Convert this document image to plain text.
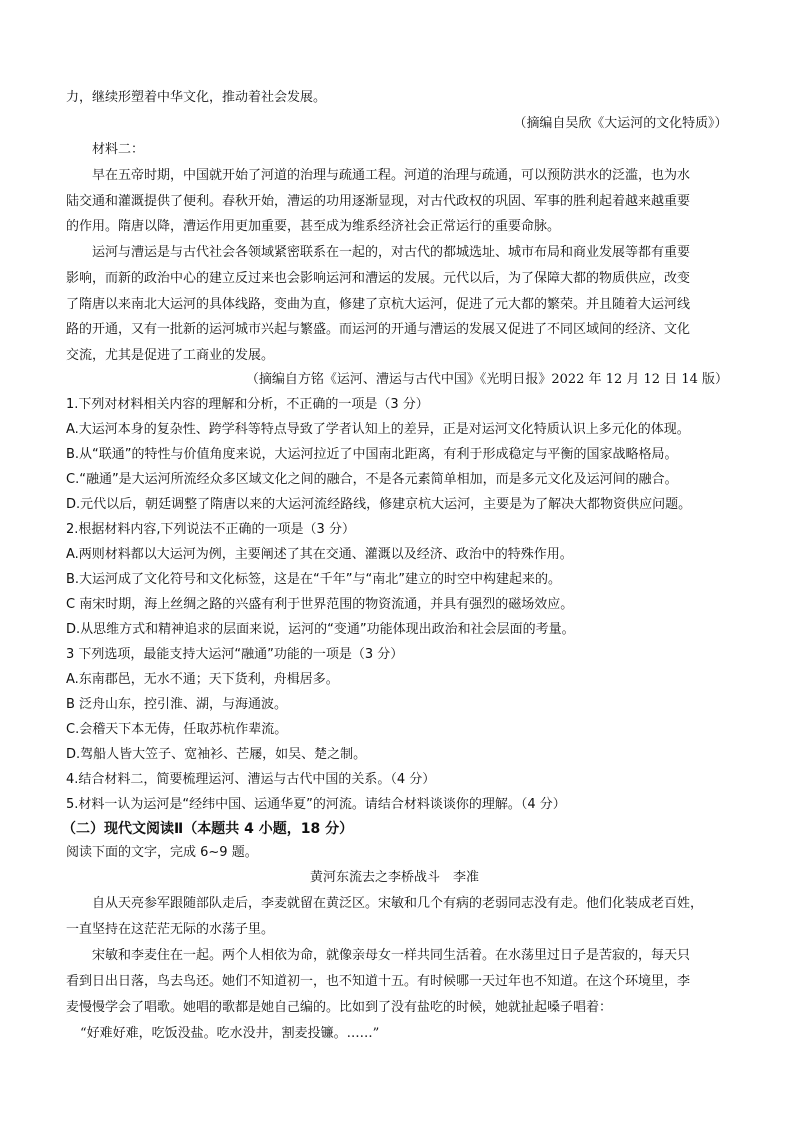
力，继续形塑着中华文化，推动着社会发展。
（摘编自吴欣《大运河的文化特质》）
材料二：
早在五帝时期，中国就开始了河道的治理与疏通工程。河道的治理与疏通，可以预防洪水的泛滥，也为水
陆交通和灌溉提供了便利。春秋开始，漕运的功用逐渐显现，对古代政权的巩固、军事的胜利起着越来越重要
的作用。隋唐以降，漕运作用更加重要，甚至成为维系经济社会正常运行的重要命脉。
运河与漕运是与古代社会各领域紧密联系在一起的，对古代的都城选址、城市布局和商业发展等都有重要
影响，而新的政治中心的建立反过来也会影响运河和漕运的发展。元代以后，为了保障大都的物质供应，改变
了隋唐以来南北大运河的具体线路，变曲为直，修建了京杭大运河，促进了元大都的繁荣。并且随着大运河线
路的开通，又有一批新的运河城市兴起与繁盛。而运河的开通与漕运的发展又促进了不同区域间的经济、文化
交流，尤其是促进了工商业的发展。
（摘编自方铭《运河、漕运与古代中国》《光明日报》2022 年 12 月 12 日 14 版）
1.下列对材料相关内容的理解和分析，不正确的一项是（3 分）
A.大运河本身的复杂性、跨学科等特点导致了学者认知上的差异，正是对运河文化特质认识上多元化的体现。
B.从“联通”的特性与价值角度来说，大运河拉近了中国南北距离，有利于形成稳定与平衡的国家战略格局。
C.“融通”是大运河所流经众多区域文化之间的融合，不是各元素简单相加，而是多元文化及运河间的融合。
D.元代以后，朝廷调整了隋唐以来的大运河流经路线，修建京杭大运河，主要是为了解决大都物资供应问题。
2.根据材料内容,下列说法不正确的一项是（3 分）
A.两则材料都以大运河为例，主要阐述了其在交通、灌溉以及经济、政治中的特殊作用。
B.大运河成了文化符号和文化标签，这是在“千年”与“南北”建立的时空中构建起来的。
C 南宋时期，海上丝绸之路的兴盛有利于世界范围的物资流通，并具有强烈的磁场效应。
D.从思维方式和精神追求的层面来说，运河的“变通”功能体现出政治和社会层面的考量。
3 下列选项，最能支持大运河“融通”功能的一项是（3 分）
A.东南郡邑，无水不通；天下货利，舟楫居多。
B 泛舟山东，控引淮、湖，与海通波。
C.会稽天下本无俦，任取苏杭作辈流。
D.驾船人皆大笠子、宽袖衫、芒屦，如吴、楚之制。
4.结合材料二，简要梳理运河、漕运与古代中国的关系。（4 分）
5.材料一认为运河是“经纬中国、运通华夏”的河流。请结合材料谈谈你的理解。（4 分）
（二）现代文阅读Ⅱ（本题共 4 小题，18 分）
阅读下面的文字，完成 6~9 题。
黄河东流去之李桥战斗　李准
自从天亮参军跟随部队走后，李麦就留在黄泛区。宋敏和几个有病的老弱同志没有走。他们化装成老百姓，
一直坚持在这茫茫无际的水荡子里。
宋敏和李麦住在一起。两个人相依为命，就像亲母女一样共同生活着。在水荡里过日子是苦寂的，每天只
看到日出日落，鸟去鸟还。她们不知道初一，也不知道十五。有时候哪一天过年也不知道。在这个环境里，李
麦慢慢学会了唱歌。她唱的歌都是她自己编的。比如到了没有盐吃的时候，她就扯起嗓子唱着：
“好难好难，吃饭没盐。吃水没井，割麦投镰。……”
